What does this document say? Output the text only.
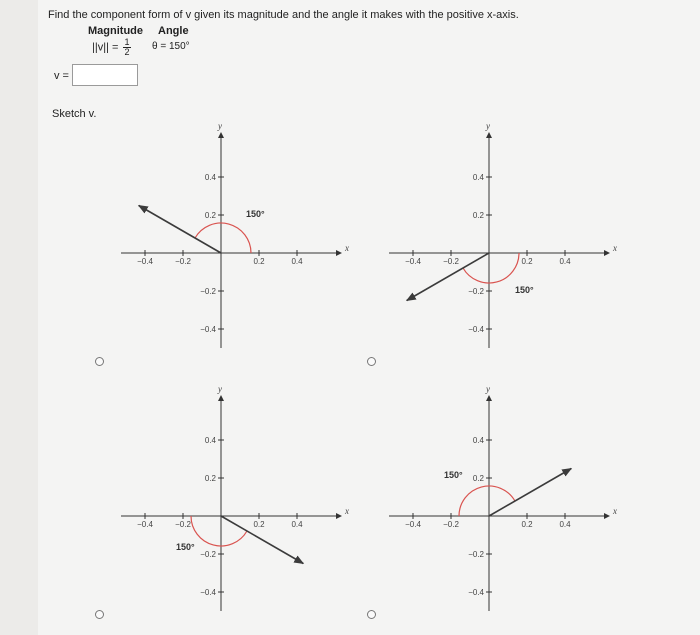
Find the component form of v given its magnitude and the angle it makes with the positive x-axis.
Magnitude Angle
$||v|| = \frac{1}{2}$ θ = 150°
v =
Sketch v.
x
y
−0.4	−0.2	0.2	0.4
0.4
0.2
−0.2
−0.4
150°
x
y
−0.4	−0.2	0.2	0.4
0.4
0.2
−0.2
−0.4
150°
x
y
−0.4	−0.2	0.2	0.4
0.4
0.2
−0.2
−0.4
150°
x
y
−0.4	−0.2	0.2	0.4
0.4
0.2
−0.2
−0.4
150°
